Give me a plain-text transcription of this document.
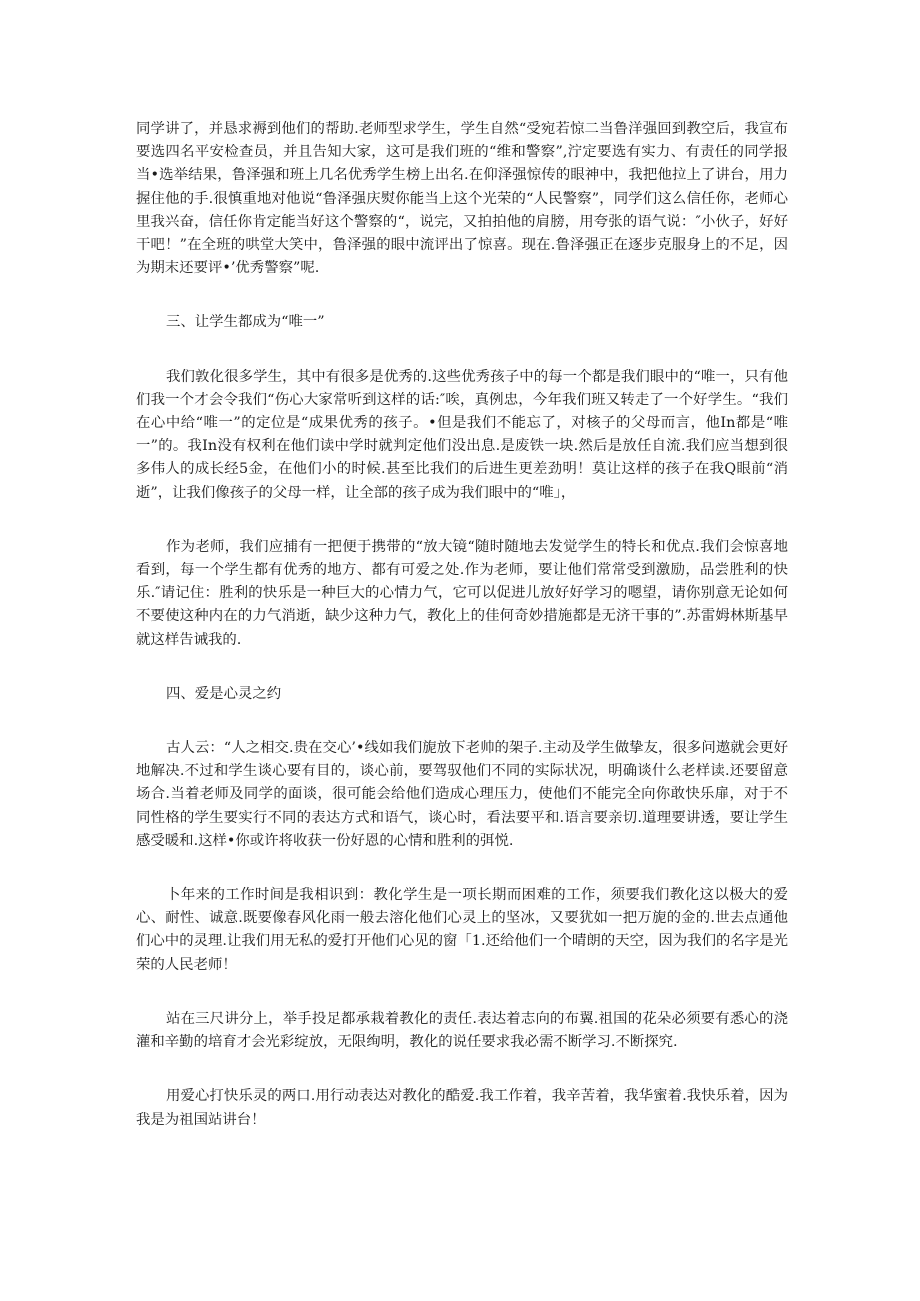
同学讲了，并恳求褥到他们的帮助.老师型求学生，学生自然“受宛若惊二当鲁洋强回到教空后，我宣布要选四名平安检查员，并且告知大家，这可是我们班的“维和警察”,泞定要选有实力、有责任的同学报当•选举结果，鲁泽强和班上几名优秀学生榜上出名.在仰泽强惊传的眼神中，我把他拉上了讲台，用力握住他的手.很慎重地对他说“鲁泽强庆熨你能当上这个光荣的“人民警察”，同学们这么信任你，老师心里我兴奋，信任你肯定能当好这个警察的“，说完，又拍拍他的肩膀，用夸张的语气说：″小伙子，好好干吧！”在全班的哄堂大笑中，鲁泽强的眼中流评出了惊喜。现在.鲁泽强正在逐步克服身上的不足，因为期末还要评•’优秀警察”呢.

三、让学生都成为“唯一”

我们敦化很多学生，其中有很多是优秀的.这些优秀孩子中的每一个都是我们眼中的“唯一，只有他们我一个才会令我们“伤心大家常听到这样的话:″唉，真例忠，今年我们班又转走了一个好学生。“我们在心中给“唯一”的定位是“成果优秀的孩子。•但是我们不能忘了，对核子的父母而言，他In都是“唯一”的。我In没有权利在他们读中学时就判定他们没出息.是废铁一块.然后是放任自流.我们应当想到很多伟人的成长经5金，在他们小的时候.甚至比我们的后进生更差劲明！莫让这样的孩子在我Q眼前“消逝”，让我们像孩子的父母一样，让全部的孩子成为我们眼中的“唯」，

作为老师，我们应捕有一把便于携带的“放大镜“随时随地去发觉学生的特长和优点.我们会惊喜地看到，每一个学生都有优秀的地方、都有可爱之处.作为老师，要让他们常常受到激励，品尝胜利的快乐.″请记住：胜利的快乐是一种巨大的心情力气，它可以促进儿放好好学习的嗯望，请你别意无论如何不要使这种内在的力气消逝，缺少这种力气，教化上的佳何奇妙措施都是无济干事的”.苏雷姆林斯基早就这样告诫我的.

四、爱是心灵之约

古人云：“人之相交.贵在交心’•线如我们旎放下老帅的架子.主动及学生做挚友，很多问遨就会更好地解决.不过和学生谈心要有目的，谈心前，要驾驭他们不同的实际状况，明确谈什么老样读.还要留意场合.当着老师及同学的面谈，很可能会给他们造成心理压力，使他们不能完全向你敢快乐扉，对于不同性格的学生要实行不同的表达方式和语气，谈心时，看法要平和.语言要亲切.道理要讲透，要让学生感受暖和.这样•你或许将收获一份好恩的心情和胜利的弭悦.

卜年来的工作时间是我相识到：教化学生是一项长期而困难的工作，须要我们教化这以极大的爱心、耐性、诚意.既要像春风化雨一般去溶化他们心灵上的坚冰，又要犹如一把万旎的金的.世去点通他们心中的灵理.让我们用无私的爱打开他们心见的窗「1.还给他们一个晴朗的天空，因为我们的名字是光荣的人民老师！

站在三尺讲分上，举手投足都承栽着教化的责任.表达着志向的布翼.祖国的花朵必须要有悉心的浇灌和辛勤的培育才会光彩绽放，无限绚明，教化的说任要求我必需不断学习.不断探究.

用爱心打快乐灵的两口.用行动表达对教化的酷爱.我工作着，我辛苦着，我华蜜着.我快乐着，因为我是为祖国站讲台！
